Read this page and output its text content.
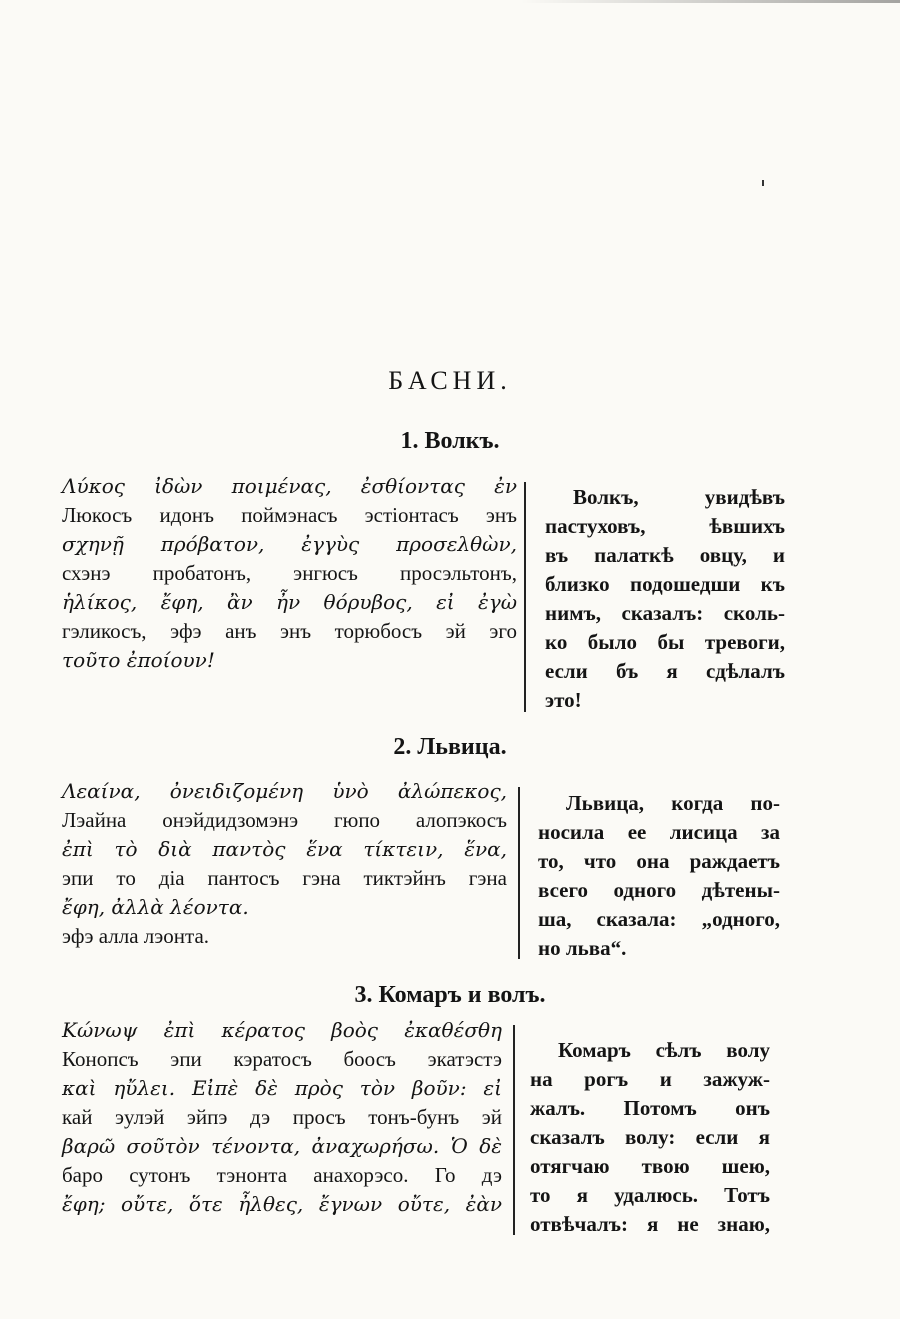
БАСНИ.
1. Волкъ.
Λύκος ἰδὼν ποιμένας, ἐσθίοντας ἐν
Люкосъ идонъ поймэнасъ эстіонтасъ энъ
σχηνῇ πρόβατον, ἐγγὺς προσελθὼν,
схэнэ пробатонъ, энгюсъ просэльтонъ,
ἡλίκος, ἔφη, ἂν ἦν θόρυβος, εἰ ἐγὼ
гэликосъ, эфэ анъ энъ торюбосъ эй эго
τοῦτο ἐποίουν!
Волкъ, увидѣвъ
пастуховъ, ѣвшихъ
въ палаткѣ овцу, и
близко подошедши къ
нимъ, сказалъ: сколь-
ко было бы тревоги,
если бъ я сдѣлалъ
это!
2. Львица.
Λεαίνα, ὀνειδιζομένη ὑνὸ ἀλώπεκος,
Лэайна онэйдидзомэнэ гюпо алопэкосъ
ἐπὶ τὸ διὰ παντὸς ἕνα τίκτειν, ἕνα,
эпи то діа пантосъ гэна тиктэйнъ гэна
ἔφη, ἀλλὰ λέοντα.
эфэ алла лэонта.
Львица, когда по-
носила ее лисица за
то, что она раждаетъ
всего одного дѣтены-
ша, сказала: „одного,
но льва“.
3. Комаръ и волъ.
Κώνωψ ἐπὶ κέρατος βοὸς ἐκαθέσθη
Конопсъ эпи кэратосъ боосъ экатэстэ
καὶ ηὔλει. Εἰπὲ δὲ πρὸς τὸν βοῦν: εἰ
кай эулэй эйпэ дэ просъ тонъ-бунъ эй
βαρῶ σοῦτὸν τένοντα, ἀναχωρήσω. Ὁ δὲ
баро сутонъ тэнонта анахорэсо. Го дэ
ἔφη; οὔτε, ὅτε ἦλθες, ἔγνων οὔτε, ἐὰν
Комаръ сѣлъ волу
на рогъ и зажуж-
жалъ. Потомъ онъ
сказалъ волу: если я
отягчаю твою шею,
то я удалюсь. Тотъ
отвѣчалъ: я не знаю,
